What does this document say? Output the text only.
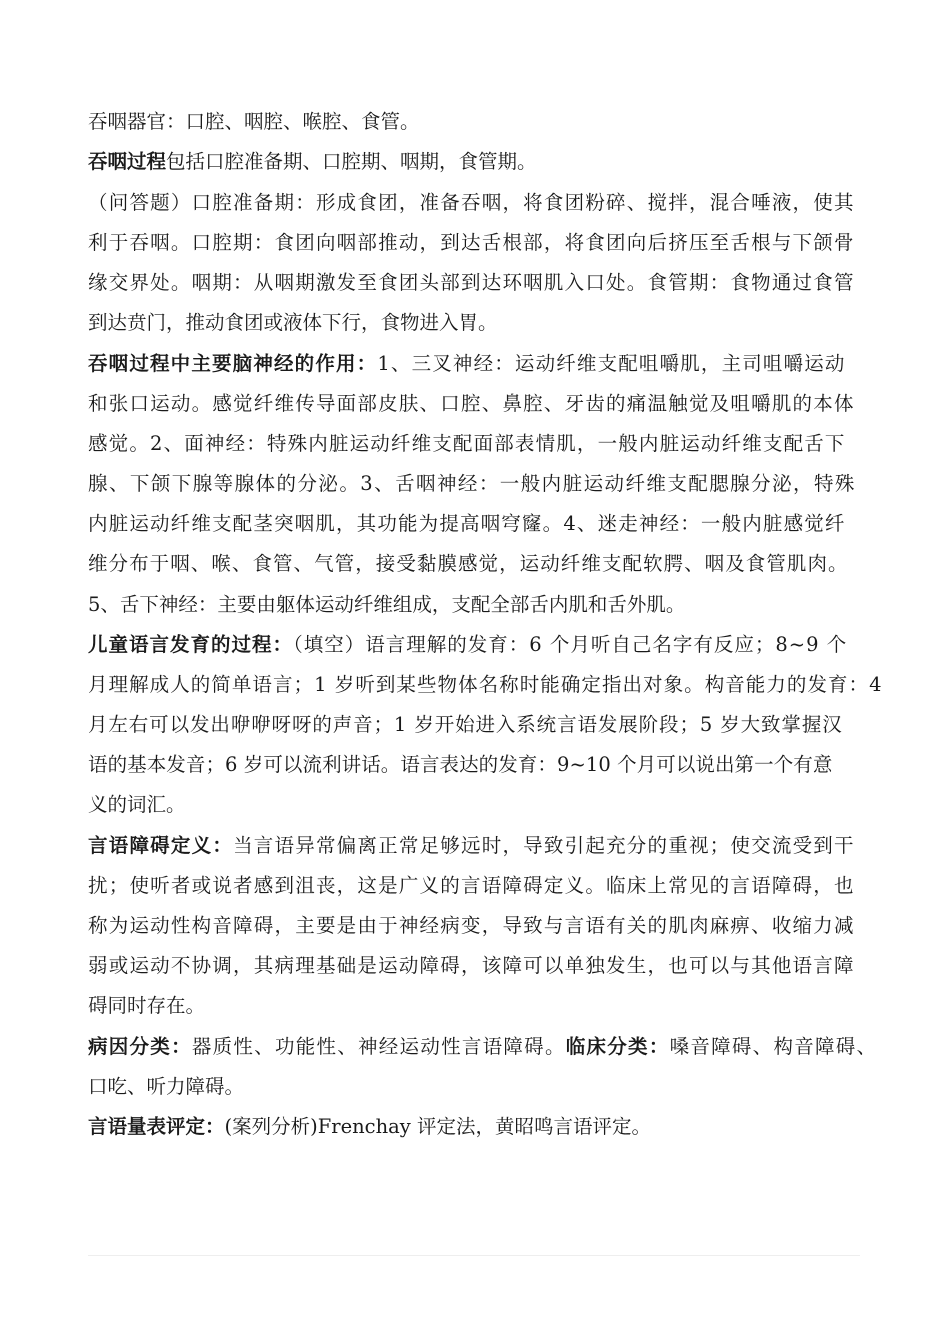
吞咽器官：口腔、咽腔、喉腔、食管。
吞咽过程包括口腔准备期、口腔期、咽期，食管期。
（问答题）口腔准备期：形成食团，准备吞咽，将食团粉碎、搅拌，混合唾液，使其
利于吞咽。口腔期：食团向咽部推动，到达舌根部，将食团向后挤压至舌根与下颌骨
缘交界处。咽期：从咽期激发至食团头部到达环咽肌入口处。食管期：食物通过食管
到达贲门，推动食团或液体下行，食物进入胃。
吞咽过程中主要脑神经的作用：1、三叉神经：运动纤维支配咀嚼肌，主司咀嚼运动
和张口运动。感觉纤维传导面部皮肤、口腔、鼻腔、牙齿的痛温触觉及咀嚼肌的本体
感觉。2、面神经：特殊内脏运动纤维支配面部表情肌，一般内脏运动纤维支配舌下
腺、下颌下腺等腺体的分泌。3、舌咽神经：一般内脏运动纤维支配腮腺分泌，特殊
内脏运动纤维支配茎突咽肌，其功能为提高咽穹窿。4、迷走神经：一般内脏感觉纤
维分布于咽、喉、食管、气管，接受黏膜感觉，运动纤维支配软腭、咽及食管肌肉。
5、舌下神经：主要由躯体运动纤维组成，支配全部舌内肌和舌外肌。
儿童语言发育的过程：（填空）语言理解的发育：6 个月听自己名字有反应；8~9 个
月理解成人的简单语言；1 岁听到某些物体名称时能确定指出对象。构音能力的发育：4
月左右可以发出咿咿呀呀的声音；1 岁开始进入系统言语发展阶段；5 岁大致掌握汉
语的基本发音；6 岁可以流利讲话。语言表达的发育：9~10 个月可以说出第一个有意
义的词汇。
言语障碍定义：当言语异常偏离正常足够远时，导致引起充分的重视；使交流受到干
扰；使听者或说者感到沮丧，这是广义的言语障碍定义。临床上常见的言语障碍，也
称为运动性构音障碍，主要是由于神经病变，导致与言语有关的肌肉麻痹、收缩力减
弱或运动不协调，其病理基础是运动障碍，该障可以单独发生，也可以与其他语言障
碍同时存在。
病因分类：器质性、功能性、神经运动性言语障碍。临床分类：嗓音障碍、构音障碍、
口吃、听力障碍。
言语量表评定：(案列分析)Frenchay 评定法，黄昭鸣言语评定。
